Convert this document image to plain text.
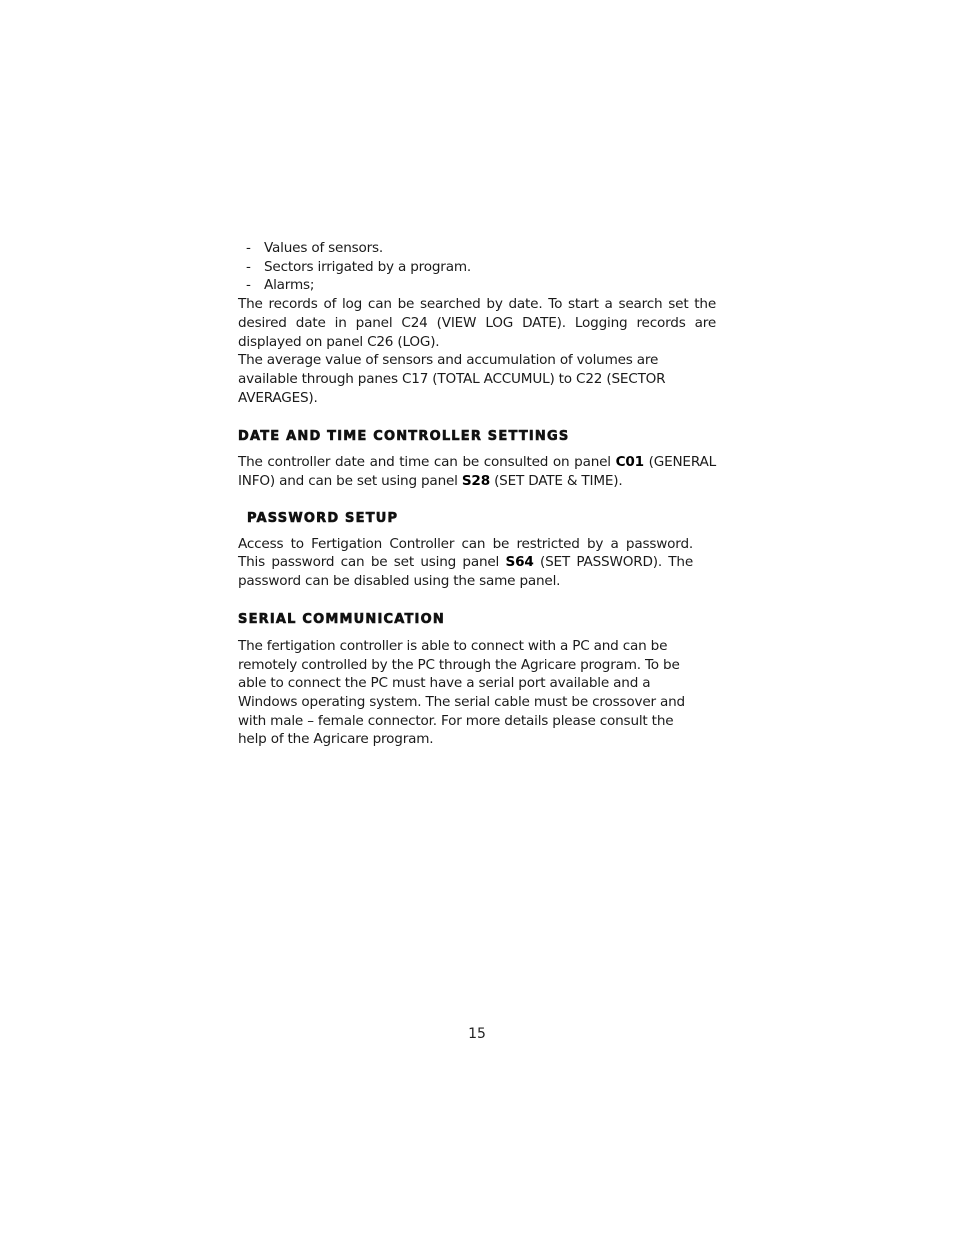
- Values of sensors.

- Sectors irrigated by a program.

- Alarms;

The records of log can be searched by date. To start a search set the desired date in panel C24 (VIEW LOG DATE). Logging records are displayed on panel C26 (LOG).

The average value of sensors and accumulation of volumes are available through panes C17 (TOTAL ACCUMUL) to C22 (SECTOR AVERAGES).

DATE AND TIME CONTROLLER SETTINGS

The controller date and time can be consulted on panel C01 (GENERAL INFO) and can be set using panel S28 (SET DATE & TIME).

PASSWORD SETUP

Access to Fertigation Controller can be restricted by a password. This password can be set using panel S64 (SET PASSWORD). The password can be disabled using the same panel.

SERIAL COMMUNICATION

The fertigation controller is able to connect with a PC and can be remotely controlled by the PC through the Agricare program. To be able to connect the PC must have a serial port available and a Windows operating system. The serial cable must be crossover and with male – female connector. For more details please consult the help of the Agricare program.

15
